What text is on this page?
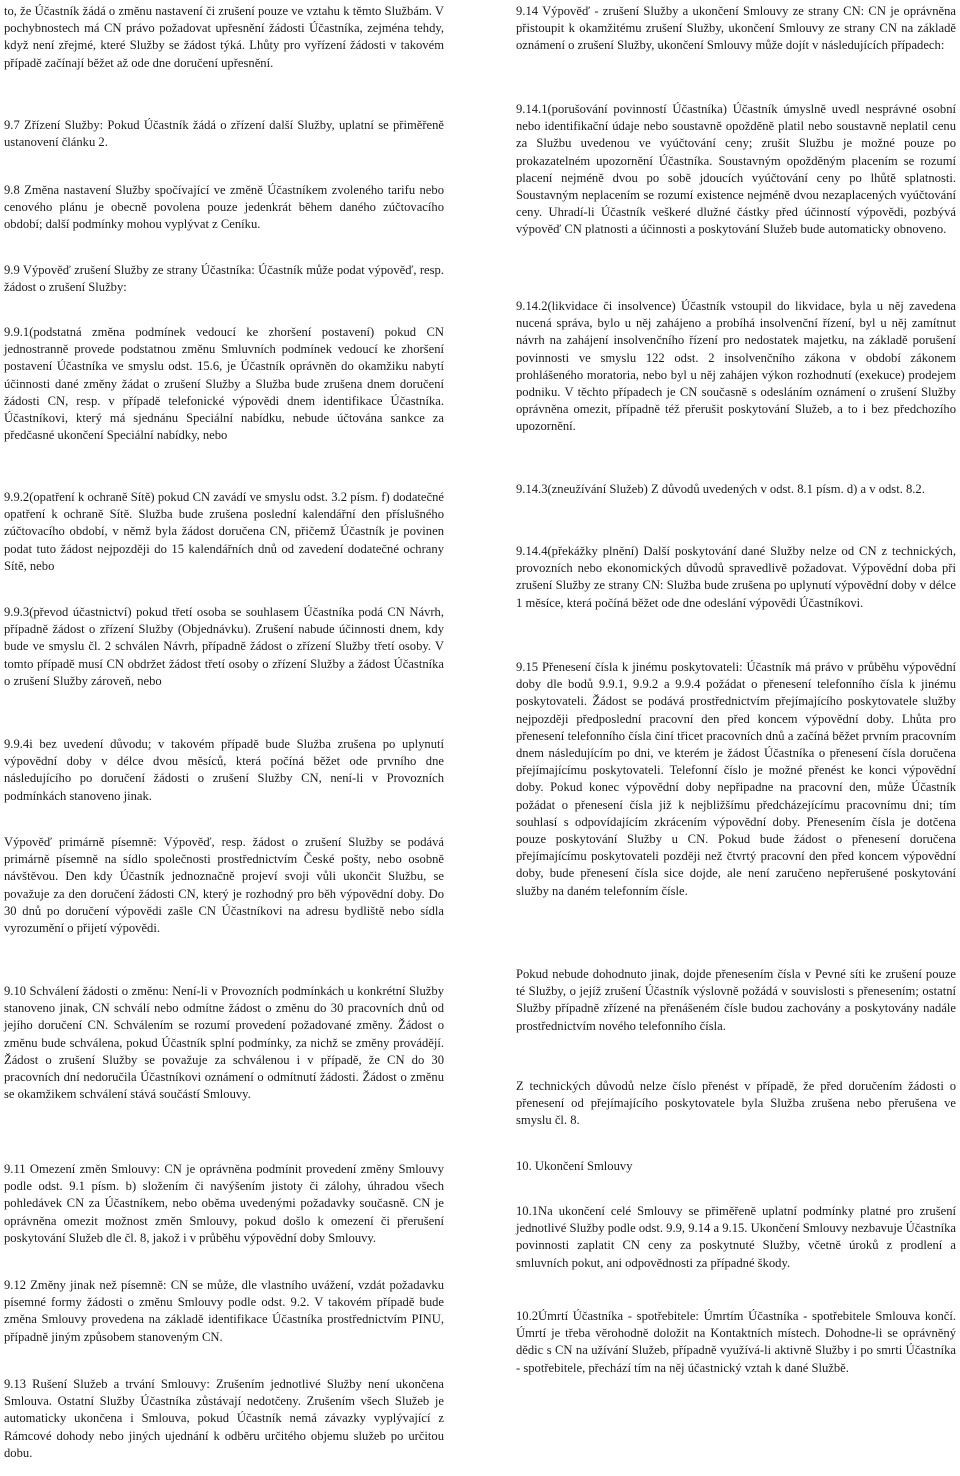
to, že Účastník žádá o změnu nastavení či zrušení pouze ve vztahu k těmto Službám. V pochybnostech má CN právo požadovat upřesnění žádosti Účastníka, zejména tehdy, když není zřejmé, které Služby se žádost týká. Lhůty pro vyřízení žádosti v takovém případě začínají běžet až ode dne doručení upřesnění.

9.7 Zřízení Služby: Pokud Účastník žádá o zřízení další Služby, uplatní se přiměřeně ustanovení článku 2.

9.8 Změna nastavení Služby spočívající ve změně Účastníkem zvoleného tarifu nebo cenového plánu je obecně povolena pouze jedenkrát během daného zúčtovacího období; další podmínky mohou vyplývat z Ceníku.

9.9 Výpověď zrušení Služby ze strany Účastníka: Účastník může podat výpověď, resp. žádost o zrušení Služby:

9.9.1(podstatná změna podmínek vedoucí ke zhoršení postavení) pokud CN jednostranně provede podstatnou změnu Smluvních podmínek vedoucí ke zhoršení postavení Účastníka ve smyslu odst. 15.6, je Účastník oprávněn do okamžiku nabytí účinnosti dané změny žádat o zrušení Služby a Služba bude zrušena dnem doručení žádosti CN, resp. v případě telefonické výpovědi dnem identifikace Účastníka. Účastníkovi, který má sjednánu Speciální nabídku, nebude účtována sankce za předčasné ukončení Speciální nabídky, nebo

9.9.2(opatření k ochraně Sítě) pokud CN zavádí ve smyslu odst. 3.2 písm. f) dodatečné opatření k ochraně Sítě. Služba bude zrušena poslední kalendářní den příslušného zúčtovacího období, v němž byla žádost doručena CN, přičemž Účastník je povinen podat tuto žádost nejpozději do 15 kalendářních dnů od zavedení dodatečné ochrany Sítě, nebo

9.9.3(převod účastnictví) pokud třetí osoba se souhlasem Účastníka podá CN Návrh, případně žádost o zřízení Služby (Objednávku). Zrušení nabude účinnosti dnem, kdy bude ve smyslu čl. 2 schválen Návrh, případně žádost o zřízení Služby třetí osoby. V tomto případě musí CN obdržet žádost třetí osoby o zřízení Služby a žádost Účastníka o zrušení Služby zároveň, nebo

9.9.4i bez uvedení důvodu; v takovém případě bude Služba zrušena po uplynutí výpovědní doby v délce dvou měsíců, která počíná běžet ode prvního dne následujícího po doručení žádosti o zrušení Služby CN, není-li v Provozních podmínkách stanoveno jinak.

Výpověď primárně písemně: Výpověď, resp. žádost o zrušení Služby se podává primárně písemně na sídlo společnosti prostřednictvím České pošty, nebo osobně návštěvou. Den kdy Účastník jednoznačně projeví svoji vůli ukončit Službu, se považuje za den doručení žádosti CN, který je rozhodný pro běh výpovědní doby. Do 30 dnů po doručení výpovědi zašle CN Účastníkovi na adresu bydliště nebo sídla vyrozumění o přijetí výpovědi.

9.10 Schválení žádosti o změnu: Není-li v Provozních podmínkách u konkrétní Služby stanoveno jinak, CN schválí nebo odmítne žádost o změnu do 30 pracovních dnů od jejího doručení CN. Schválením se rozumí provedení požadované změny. Žádost o změnu bude schválena, pokud Účastník splní podmínky, za nichž se změny provádějí. Žádost o zrušení Služby se považuje za schválenou i v případě, že CN do 30 pracovních dní nedoručila Účastníkovi oznámení o odmítnutí žádosti. Žádost o změnu se okamžikem schválení stává součástí Smlouvy.

9.11 Omezení změn Smlouvy: CN je oprávněna podmínit provedení změny Smlouvy podle odst. 9.1 písm. b) složením či navýšením jistoty či zálohy, úhradou všech pohledávek CN za Účastníkem, nebo oběma uvedenými požadavky současně. CN je oprávněna omezit možnost změn Smlouvy, pokud došlo k omezení či přerušení poskytování Služeb dle čl. 8, jakož i v průběhu výpovědní doby Smlouvy.

9.12 Změny jinak než písemně: CN se může, dle vlastního uvážení, vzdát požadavku písemné formy žádosti o změnu Smlouvy podle odst. 9.2. V takovém případě bude změna Smlouvy provedena na základě identifikace Účastníka prostřednictvím PINU, případně jiným způsobem stanoveným CN.

9.13 Rušení Služeb a trvání Smlouvy: Zrušením jednotlivé Služby není ukončena Smlouva. Ostatní Služby Účastníka zůstávají nedotčeny. Zrušením všech Služeb je automaticky ukončena i Smlouva, pokud Účastník nemá závazky vyplývající z Rámcové dohody nebo jiných ujednání k odběru určitého objemu služeb po určitou dobu.

9.14 Výpověď - zrušení Služby a ukončení Smlouvy ze strany CN: CN je oprávněna přistoupit k okamžitému zrušení Služby, ukončení Smlouvy ze strany CN na základě oznámení o zrušení Služby, ukončení Smlouvy může dojít v následujících případech:

9.14.1(porušování povinností Účastníka) Účastník úmyslně uvedl nesprávné osobní nebo identifikační údaje nebo soustavně opožděně platil nebo soustavně neplatil cenu za Službu uvedenou ve vyúčtování ceny; zrušit Službu je možné pouze po prokazatelném upozornění Účastníka. Soustavným opožděným placením se rozumí placení nejméně dvou po sobě jdoucích vyúčtování ceny po lhůtě splatnosti. Soustavným neplacením se rozumí existence nejméně dvou nezaplacených vyúčtování ceny. Uhradí-li Účastník veškeré dlužné částky před účinností výpovědi, pozbývá výpověď CN platnosti a účinnosti a poskytování Služeb bude automaticky obnoveno.

9.14.2(likvidace či insolvence) Účastník vstoupil do likvidace, byla u něj zavedena nucená správa, bylo u něj zahájeno a probíhá insolvenční řízení, byl u něj zamítnut návrh na zahájení insolvenčního řízení pro nedostatek majetku, na základě porušení povinnosti ve smyslu 122 odst. 2 insolvenčního zákona v období zákonem prohlášeného moratoria, nebo byl u něj zahájen výkon rozhodnutí (exekuce) prodejem podniku. V těchto případech je CN současně s odesláním oznámení o zrušení Služby oprávněna omezit, případně též přerušit poskytování Služeb, a to i bez předchozího upozornění.

9.14.3(zneužívání Služeb) Z důvodů uvedených v odst. 8.1 písm. d) a v odst. 8.2.

9.14.4(překážky plnění) Další poskytování dané Služby nelze od CN z technických, provozních nebo ekonomických důvodů spravedlivě požadovat. Výpovědní doba při zrušení Služby ze strany CN: Služba bude zrušena po uplynutí výpovědní doby v délce 1 měsíce, která počíná běžet ode dne odeslání výpovědi Účastníkovi.

9.15 Přenesení čísla k jinému poskytovateli: Účastník má právo v průběhu výpovědní doby dle bodů 9.9.1, 9.9.2 a 9.9.4 požádat o přenesení telefonního čísla k jinému poskytovateli. Žádost se podává prostřednictvím přejímajícího poskytovatele služby nejpozději předposlední pracovní den před koncem výpovědní doby. Lhůta pro přenesení telefonního čísla činí třicet pracovních dnů a začíná běžet prvním pracovním dnem následujícím po dni, ve kterém je žádost Účastníka o přenesení čísla doručena přejímajícímu poskytovateli. Telefonní číslo je možné přenést ke konci výpovědní doby. Pokud konec výpovědní doby nepřipadne na pracovní den, může Účastník požádat o přenesení čísla již k nejbližšímu předcházejícímu pracovnímu dni; tím souhlasí s odpovídajícím zkrácením výpovědní doby. Přenesením čísla je dotčena pouze poskytování Služby u CN. Pokud bude žádost o přenesení doručena přejímajícímu poskytovateli později než čtvrtý pracovní den před koncem výpovědní doby, bude přenesení čísla sice dojde, ale není zaručeno nepřerušené poskytování služby na daném telefonním čísle.

Pokud nebude dohodnuto jinak, dojde přenesením čísla v Pevné síti ke zrušení pouze té Služby, o jejíž zrušení Účastník výslovně požádá v souvislosti s přenesením; ostatní Služby případně zřízené na přenášeném čísle budou zachovány a poskytovány nadále prostřednictvím nového telefonního čísla.

Z technických důvodů nelze číslo přenést v případě, že před doručením žádosti o přenesení od přejímajícího poskytovatele byla Služba zrušena nebo přerušena ve smyslu čl. 8.

10. Ukončení Smlouvy

10.1Na ukončení celé Smlouvy se přiměřeně uplatní podmínky platné pro zrušení jednotlivé Služby podle odst. 9.9, 9.14 a 9.15. Ukončení Smlouvy nezbavuje Účastníka povinnosti zaplatit CN ceny za poskytnuté Služby, včetně úroků z prodlení a smluvních pokut, ani odpovědnosti za případné škody.

10.2Úmrtí Účastníka - spotřebitele: Úmrtím Účastníka - spotřebitele Smlouva končí. Úmrtí je třeba věrohodně doložit na Kontaktních místech. Dohodne-li se oprávněný dědic s CN na užívání Služeb, případně využívá-li aktivně Služby i po smrti Účastníka - spotřebitele, přechází tím na něj účastnický vztah k dané Službě.
